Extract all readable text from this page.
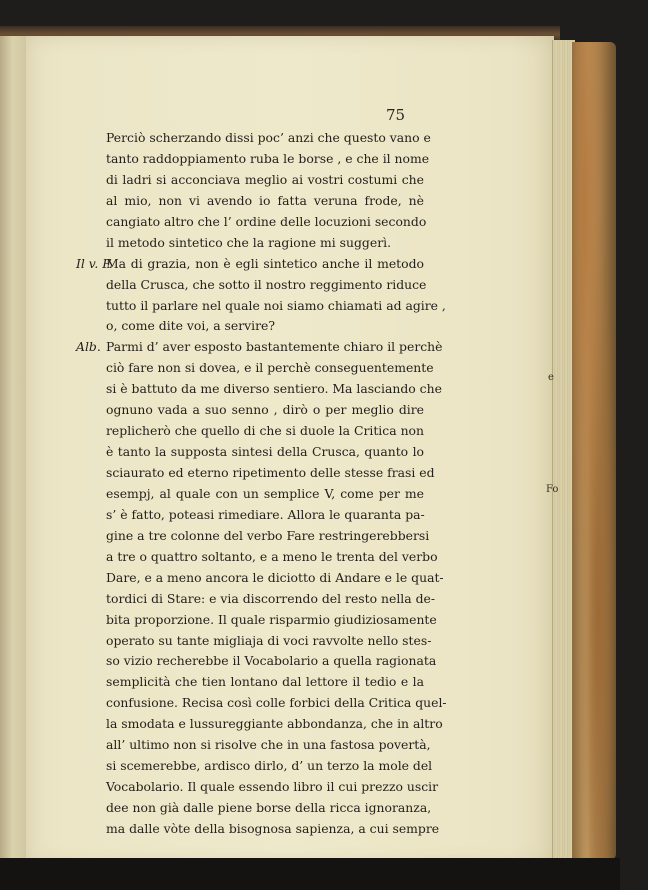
75
Perciò scherzando dissi poc’ anzi che questo vano e
tanto raddoppiamento ruba le borse , e che il nome
di ladri si acconciava meglio ai vostri costumi che
al mio, non vi avendo io fatta veruna frode, nè
cangiato altro che l’ ordine delle locuzioni secondo
il metodo sintetico che la ragione mi suggerì.
Il v. F.
Ma di grazia, non è egli sintetico anche il metodo
della Crusca, che sotto il nostro reggimento riduce
tutto il parlare nel quale noi siamo chiamati ad agire ,
o, come dite voi, a servire?
Alb. Parmi d’ aver esposto bastantemente chiaro il perchè
ciò fare non si dovea, e il perchè conseguentemente
si è battuto da me diverso sentiero. Ma lasciando che
ognuno vada a suo senno , dirò o per meglio dire
replicherò che quello di che si duole la Critica non
è tanto la supposta sintesi della Crusca, quanto lo
sciaurato ed eterno ripetimento delle stesse frasi ed
esempj, al quale con un semplice V, come per me
s’ è fatto, poteasi rimediare. Allora le quaranta pa-
gine a tre colonne del verbo Fare restringerebbersi
a tre o quattro soltanto, e a meno le trenta del verbo
Dare, e a meno ancora le diciotto di Andare e le quat-
tordici di Stare: e via discorrendo del resto nella de-
bita proporzione. Il quale risparmio giudiziosamente
operato su tante migliaja di voci ravvolte nello stes-
so vizio recherebbe il Vocabolario a quella ragionata
semplicità che tien lontano dal lettore il tedio e la
confusione. Recisa così colle forbici della Critica quel-
la smodata e lussureggiante abbondanza, che in altro
all’ ultimo non si risolve che in una fastosa povertà,
si scemerebbe, ardisco dirlo, d’ un terzo la mole del
Vocabolario. Il quale essendo libro il cui prezzo uscir
dee non già dalle piene borse della ricca ignoranza,
ma dalle vòte della bisognosa sapienza, a cui sempre
e
Fo
